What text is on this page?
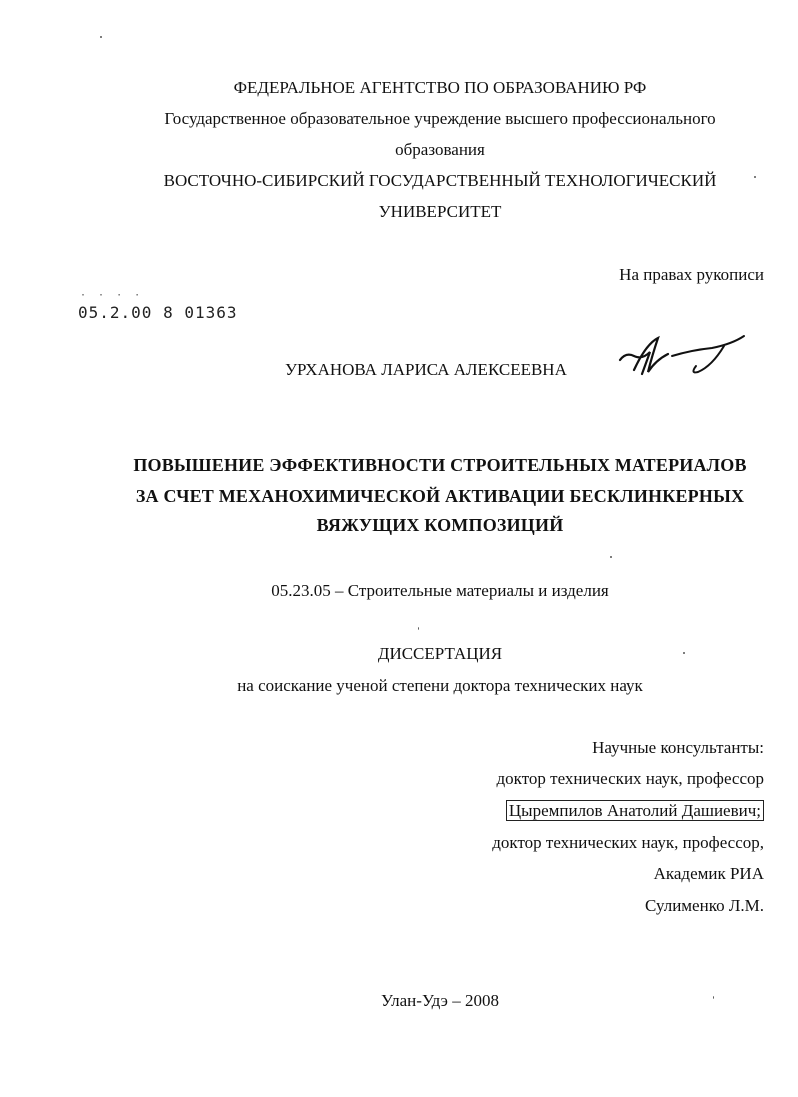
ФЕДЕРАЛЬНОЕ АГЕНТСТВО ПО ОБРАЗОВАНИЮ РФ
Государственное образовательное учреждение высшего профессионального
образования
ВОСТОЧНО-СИБИРСКИЙ ГОСУДАРСТВЕННЫЙ ТЕХНОЛОГИЧЕСКИЙ
УНИВЕРСИТЕТ
На правах рукописи
· · · ·
05.2.00 8 01363
УРХАНОВА ЛАРИСА АЛЕКСЕЕВНА
ПОВЫШЕНИЕ ЭФФЕКТИВНОСТИ СТРОИТЕЛЬНЫХ МАТЕРИАЛОВ
ЗА СЧЕТ МЕХАНОХИМИЧЕСКОЙ АКТИВАЦИИ БЕСКЛИНКЕРНЫХ
ВЯЖУЩИХ КОМПОЗИЦИЙ
05.23.05 – Строительные материалы и изделия
ДИССЕРТАЦИЯ
на соискание ученой степени доктора технических наук
Научные консультанты:
доктор технических наук, профессор
Цыремпилов Анатолий Дашиевич;
доктор технических наук, профессор,
Академик РИА
Сулименко Л.М.
Улан-Удэ – 2008
